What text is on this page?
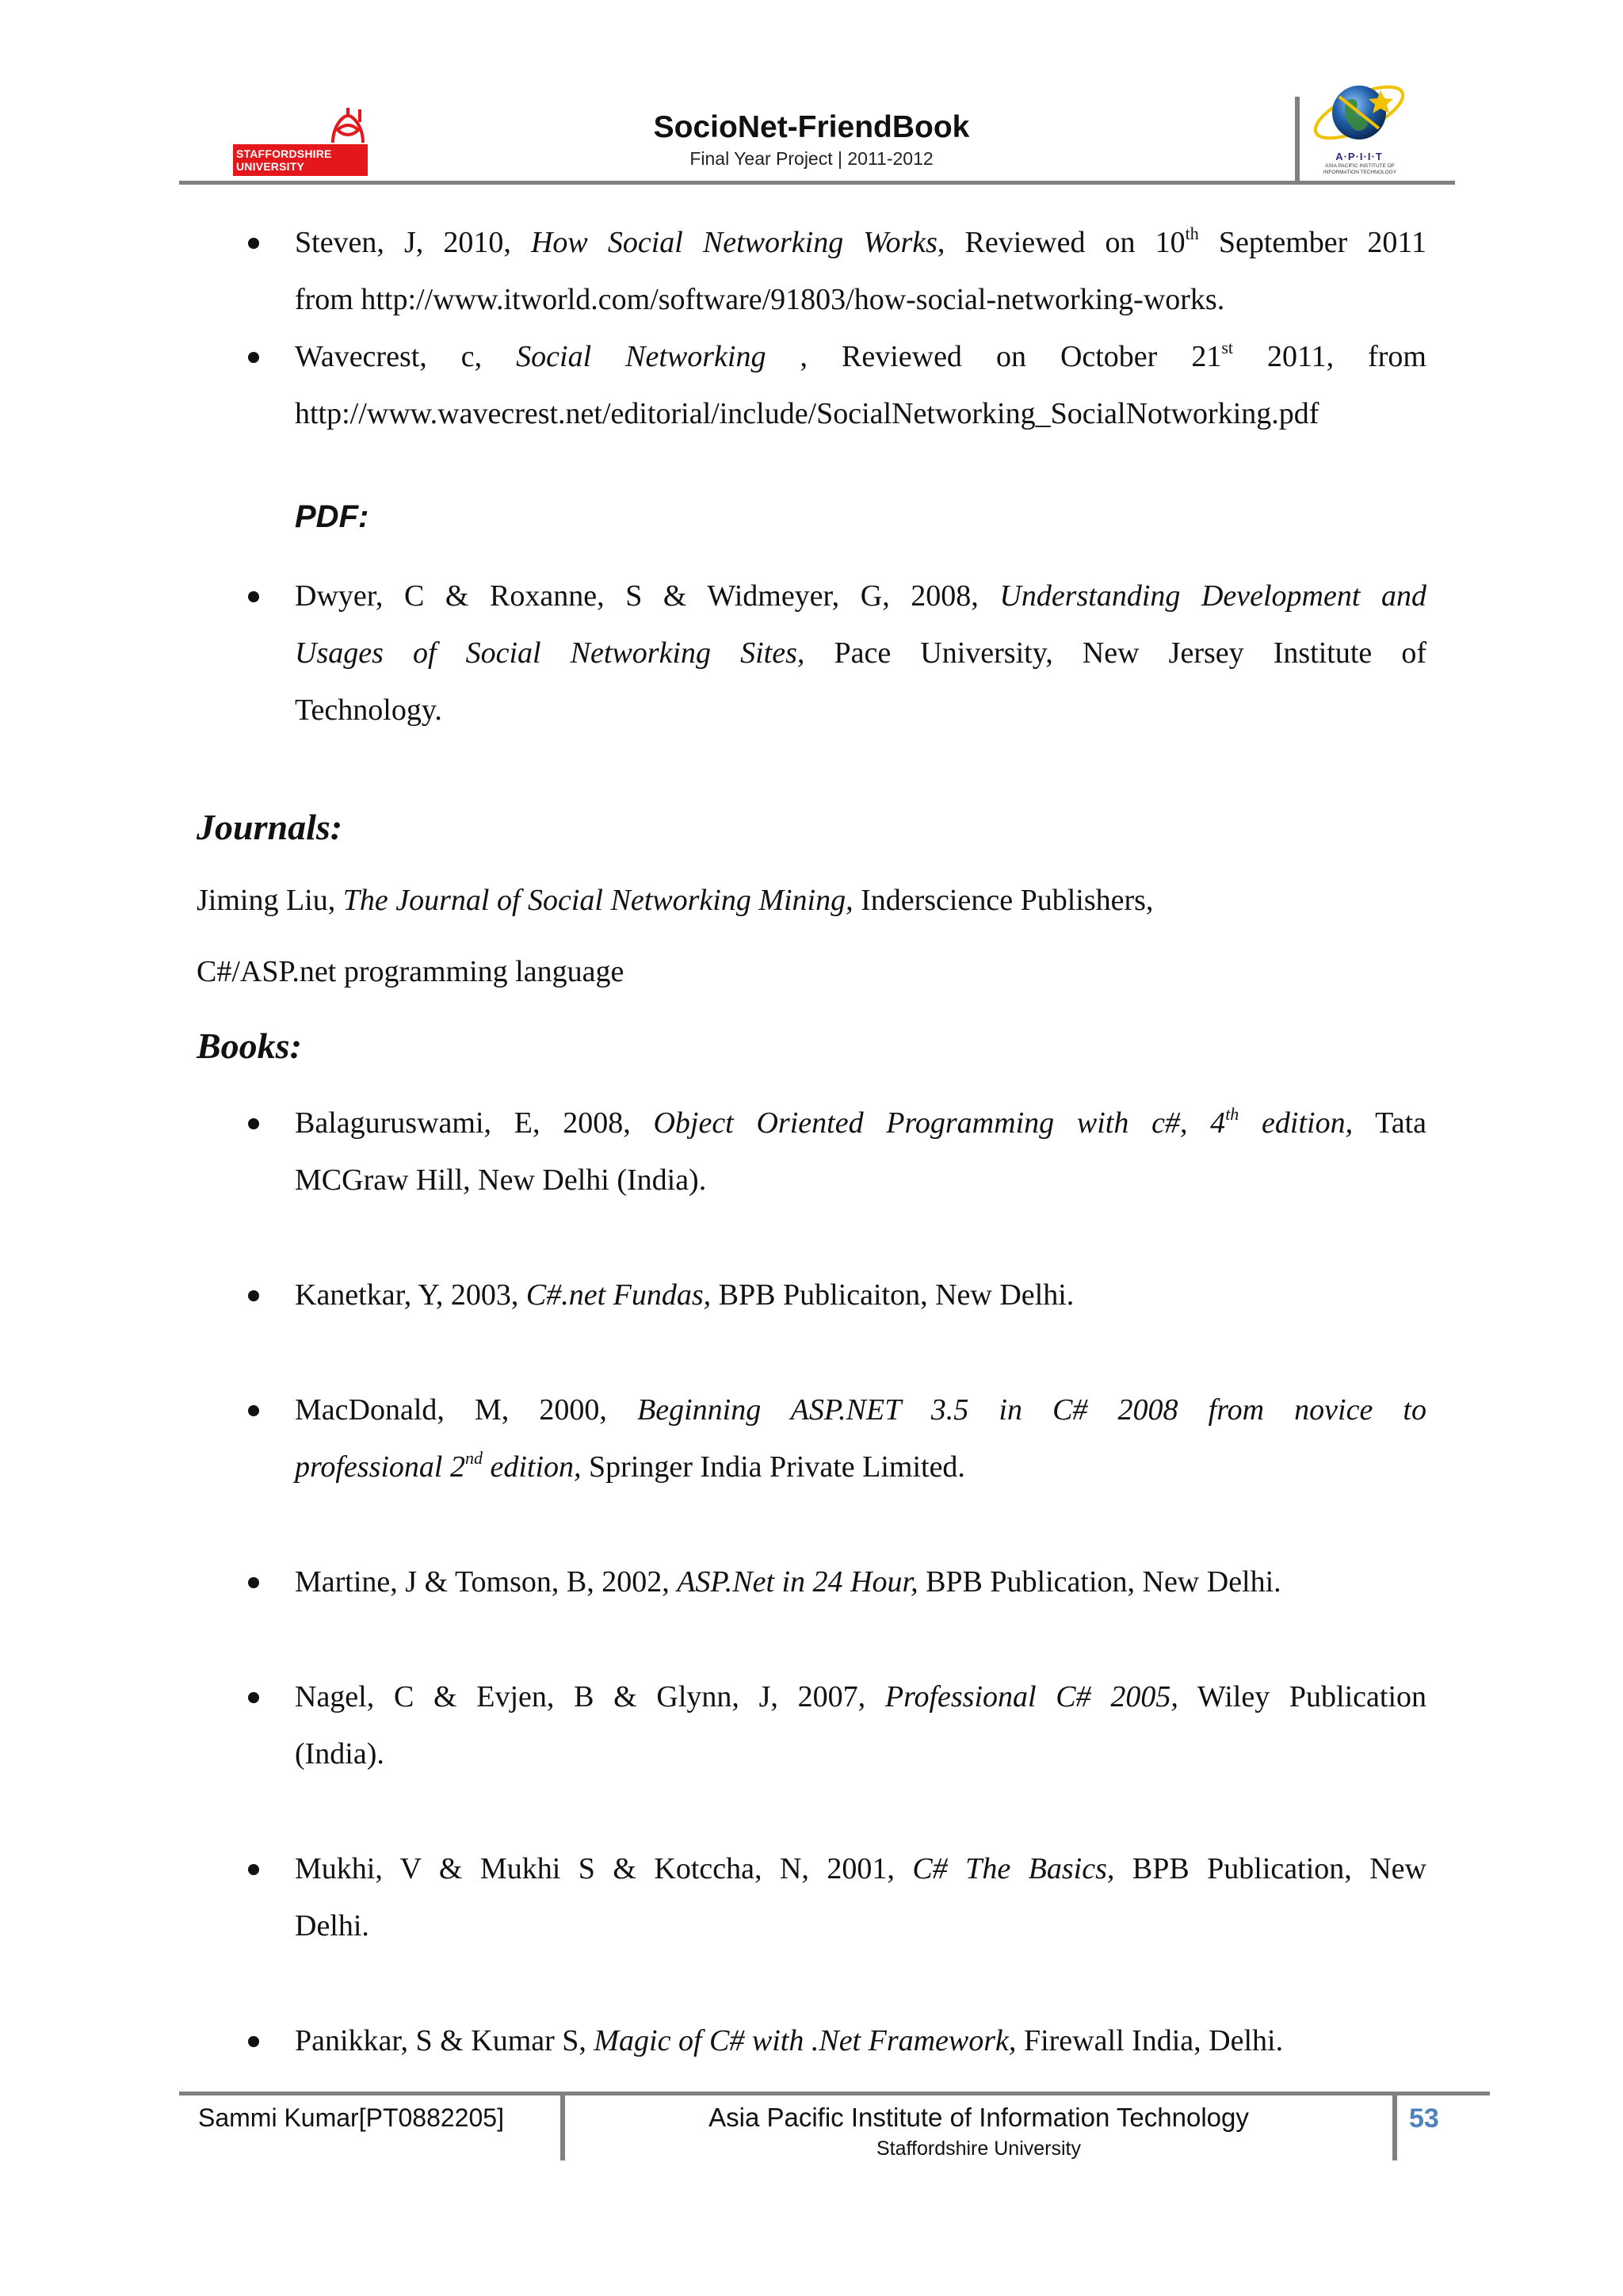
STAFFORDSHIRE
UNIVERSITY
SocioNet-FriendBook
Final Year Project | 2011-2012	A·P·I·I·T
ASIA PACIFIC INSTITUTE OF INFORMATION TECHNOLOGY
Steven, J, 2010, How Social Networking Works, Reviewed on 10th September 2011
from http://www.itworld.com/software/91803/how-social-networking-works.
Wavecrest, c, Social Networking , Reviewed on October 21st 2011, from
http://www.wavecrest.net/editorial/include/SocialNetworking_SocialNotworking.pdf
PDF:
Dwyer, C & Roxanne, S & Widmeyer, G, 2008, Understanding Development and
Usages of Social Networking Sites, Pace University, New Jersey Institute of
Technology.
Journals:
Jiming Liu, The Journal of Social Networking Mining, Inderscience Publishers,
C#/ASP.net programming language
Books:
Balaguruswami, E, 2008, Object Oriented Programming with c#, 4th edition, Tata
MCGraw Hill, New Delhi (India).
Kanetkar, Y, 2003, C#.net Fundas, BPB Publicaiton, New Delhi.
MacDonald, M, 2000, Beginning ASP.NET 3.5 in C# 2008 from novice to
professional 2nd edition, Springer India Private Limited.
Martine, J & Tomson, B, 2002, ASP.Net in 24 Hour, BPB Publication, New Delhi.
Nagel, C & Evjen, B & Glynn, J, 2007, Professional C# 2005, Wiley Publication
(India).
Mukhi, V & Mukhi S & Kotccha, N, 2001, C# The Basics, BPB Publication, New
Delhi.
Panikkar, S & Kumar S, Magic of C# with .Net Framework, Firewall India, Delhi.
Sammi Kumar[PT0882205]	Asia Pacific Institute of Information Technology
Staffordshire University
53
